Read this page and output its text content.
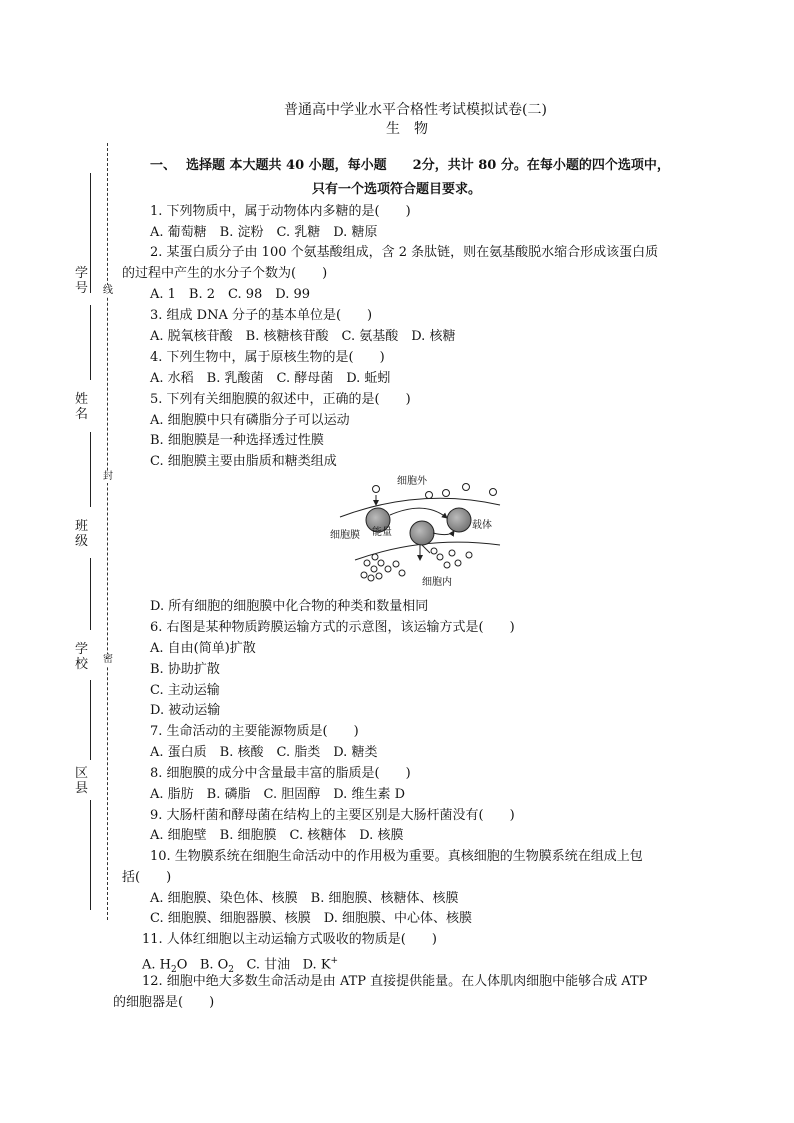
学号
姓名
班级
学校
区县
线
封
密
普通高中学业水平合格性考试模拟试卷(二)
生　物
一、 选择题 本大题共 40 小题，每小题　　2分，共计 80 分。在每小题的四个选项中，
只有一个选项符合题目要求。
1. 下列物质中，属于动物体内多糖的是(　　)
A. 葡萄糖　B. 淀粉　C. 乳糖　D. 糖原
2. 某蛋白质分子由 100 个氨基酸组成，含 2 条肽链，则在氨基酸脱水缩合形成该蛋白质
的过程中产生的水分子个数为(　　)
A. 1　B. 2　C. 98　D. 99
3. 组成 DNA 分子的基本单位是(　　)
A. 脱氧核苷酸　B. 核糖核苷酸　C. 氨基酸　D. 核糖
4. 下列生物中，属于原核生物的是(　　)
A. 水稻　B. 乳酸菌　C. 酵母菌　D. 蚯蚓
5. 下列有关细胞膜的叙述中，正确的是(　　)
A. 细胞膜中只有磷脂分子可以运动
B. 细胞膜是一种选择透过性膜
C. 细胞膜主要由脂质和糖类组成
细胞外
细胞膜 能量
载体
细胞内
D. 所有细胞的细胞膜中化合物的种类和数量相同
6. 右图是某种物质跨膜运输方式的示意图，该运输方式是(　　)
A. 自由(简单)扩散
B. 协助扩散
C. 主动运输
D. 被动运输
7. 生命活动的主要能源物质是(　　)
A. 蛋白质　B. 核酸　C. 脂类　D. 糖类
8. 细胞膜的成分中含量最丰富的脂质是(　　)
A. 脂肪　B. 磷脂　C. 胆固醇　D. 维生素 D
9. 大肠杆菌和酵母菌在结构上的主要区别是大肠杆菌没有(　　)
A. 细胞壁　B. 细胞膜　C. 核糖体　D. 核膜
10. 生物膜系统在细胞生命活动中的作用极为重要。真核细胞的生物膜系统在组成上包
括(　　)
A. 细胞膜、染色体、核膜　B. 细胞膜、核糖体、核膜
C. 细胞膜、细胞器膜、核膜　D. 细胞膜、中心体、核膜
11. 人体红细胞以主动运输方式吸收的物质是(　　)
A. $H_2O$ B. $O_2$ C. 甘油 D. K+
12. 细胞中绝大多数生命活动是由 ATP 直接提供能量。在人体肌肉细胞中能够合成 ATP
的细胞器是(　　)
